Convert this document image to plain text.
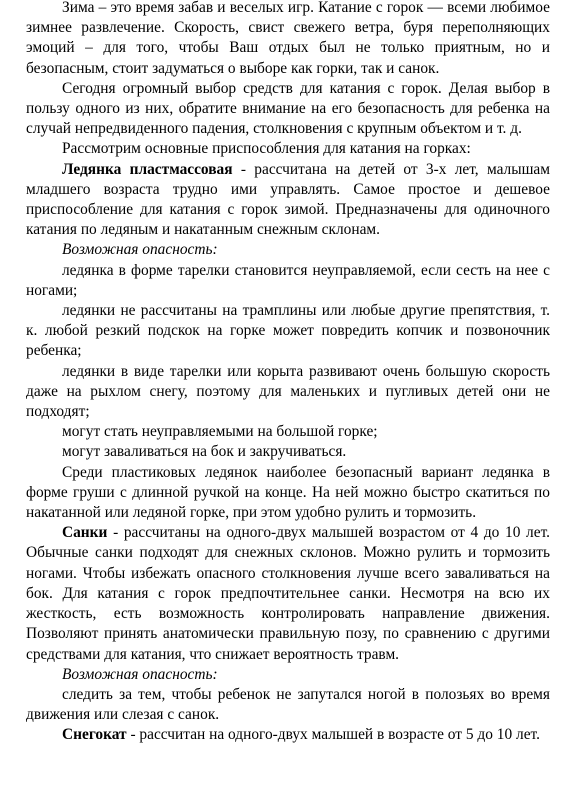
Зима – это время забав и веселых игр. Катание с горок — всеми любимое зимнее развлечение. Скорость, свист свежего ветра, буря переполняющих эмоций – для того, чтобы Ваш отдых был не только приятным, но и безопасным, стоит задуматься о выборе как горки, так и санок.

Сегодня огромный выбор средств для катания с горок. Делая выбор в пользу одного из них, обратите внимание на его безопасность для ребенка на случай непредвиденного падения, столкновения с крупным объектом и т. д.

Рассмотрим основные приспособления для катания на горках:

Ледянка пластмассовая - рассчитана на детей от 3-х лет, малышам младшего возраста трудно ими управлять. Самое простое и дешевое приспособление для катания с горок зимой. Предназначены для одиночного катания по ледяным и накатанным снежным склонам.

Возможная опасность:

ледянка в форме тарелки становится неуправляемой, если сесть на нее с ногами;

ледянки не рассчитаны на трамплины или любые другие препятствия, т. к. любой резкий подскок на горке может повредить копчик и позвоночник ребенка;

ледянки в виде тарелки или корыта развивают очень большую скорость даже на рыхлом снегу, поэтому для маленьких и пугливых детей они не подходят;

могут стать неуправляемыми на большой горке;

могут заваливаться на бок и закручиваться.

Среди пластиковых ледянок наиболее безопасный вариант ледянка в форме груши с длинной ручкой на конце. На ней можно быстро скатиться по накатанной или ледяной горке, при этом удобно рулить и тормозить.

Санки - рассчитаны на одного-двух малышей возрастом от 4 до 10 лет. Обычные санки подходят для снежных склонов. Можно рулить и тормозить ногами. Чтобы избежать опасного столкновения лучше всего заваливаться на бок. Для катания с горок предпочтительнее санки. Несмотря на всю их жесткость, есть возможность контролировать направление движения. Позволяют принять анатомически правильную позу, по сравнению с другими средствами для катания, что снижает вероятность травм.

Возможная опасность:

следить за тем, чтобы ребенок не запутался ногой в полозьях во время движения или слезая с санок.

Снегокат - рассчитан на одного-двух малышей в возрасте от 5 до 10 лет.
